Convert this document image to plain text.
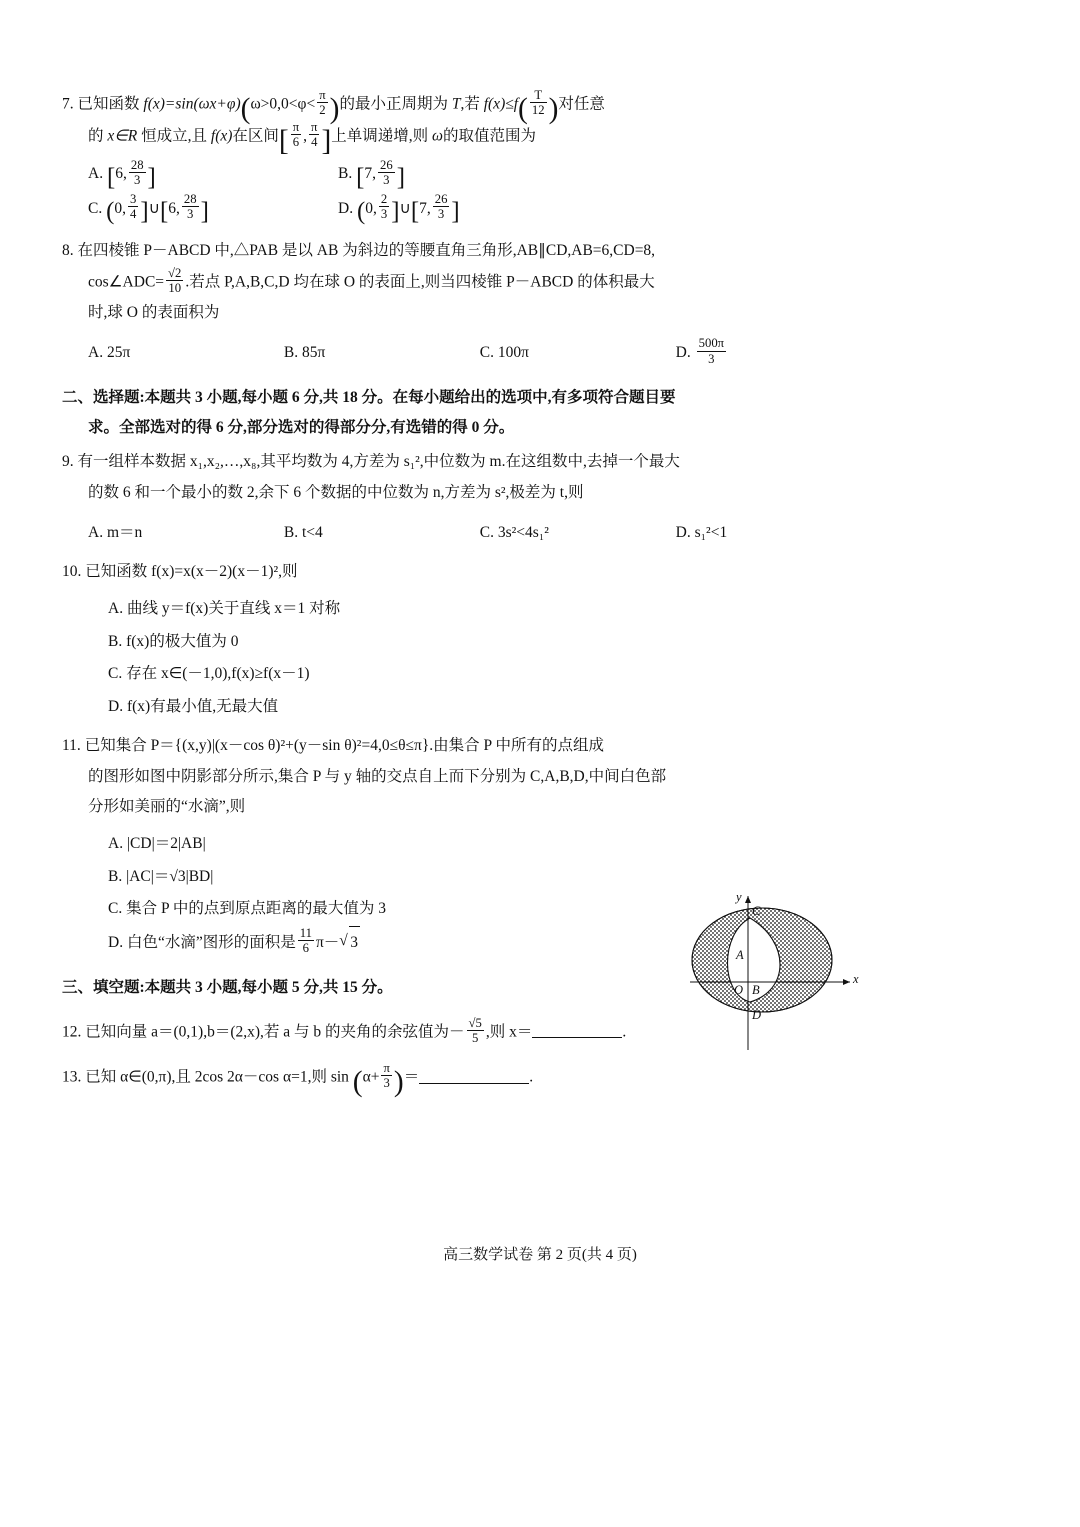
7. 已知函数 $f(x)=\sin(\omega x+\varphi)(\omega>0,0<\varphi< \frac{\pi}{2}$ )的最小正周期为 T,若 $f(x)\le f( \frac{T}{12}$ )对任意
的 x∈R 恒成立,且 f(x)在区间[ $\frac{\pi}{6}$ , $\frac{\pi}{4}$ ]上单调递增,则 ω的取值范围为
A. [6, $\frac{28}{3}$ ]	B. [7, $\frac{26}{3}$ ]
C. (0, $\frac{3}{4}$ ]∪[6, $\frac{28}{3}$ ]	D. (0, $\frac{2}{3}$ ]∪[7, $\frac{26}{3}$ ]
8. 在四棱锥 P－ABCD 中,△PAB 是以 AB 为斜边的等腰直角三角形,AB∥CD,AB=6,CD=8,
cos∠ADC= $\frac{√2}{10}$ .若点 P,A,B,C,D 均在球 O 的表面上,则当四棱锥 P－ABCD 的体积最大
时,球 O 的表面积为
A. 25π	B. 85π	C. 100π	D. $\frac{500\pi}{3}$
二、选择题:本题共 3 小题,每小题 6 分,共 18 分。在每小题给出的选项中,有多项符合题目要
求。全部选对的得 6 分,部分选对的得部分分,有选错的得 0 分。
9. 有一组样本数据 x₁,x₂,…,x₈,其平均数为 4,方差为 s₁²,中位数为 m.在这组数中,去掉一个最大
的数 6 和一个最小的数 2,余下 6 个数据的中位数为 n,方差为 s²,极差为 t,则
A. m＝n	B. t<4	C. 3s²<4s₁²	D. s₁²<1
10. 已知函数 f(x)=x(x－2)(x－1)²,则
A. 曲线 y＝f(x)关于直线 x＝1 对称
B. f(x)的极大值为 0
C. 存在 x∈(－1,0),f(x)≥f(x－1)
D. f(x)有最小值,无最大值
11. 已知集合 P＝{(x,y)|(x－cos θ)²+(y－sin θ)²=4,0≤θ≤π}.由集合 P 中所有的点组成
的图形如图中阴影部分所示,集合 P 与 y 轴的交点自上而下分别为 C,A,B,D,中间白色部
分形如美丽的“水滴”,则
A. |CD|＝2|AB|
B. |AC|＝√3|BD|
C. 集合 P 中的点到原点距离的最大值为 3
D. 白色“水滴”图形的面积是 $\frac{11}{6} \pi-$ √ 3
三、填空题:本题共 3 小题,每小题 5 分,共 15 分。
12. 已知向量 a＝(0,1),b＝(2,x),若 a 与 b 的夹角的余弦值为－ $\frac{√5}{5}$ ,则 x＝	.
13. 已知 α∈(0,π),且 2cos 2α－cos α=1,则 $\sin (\alpha+ \frac{\pi}{3}$ )＝	.
y
x
C
A
O B
D
高三数学试卷 第 2 页(共 4 页)
